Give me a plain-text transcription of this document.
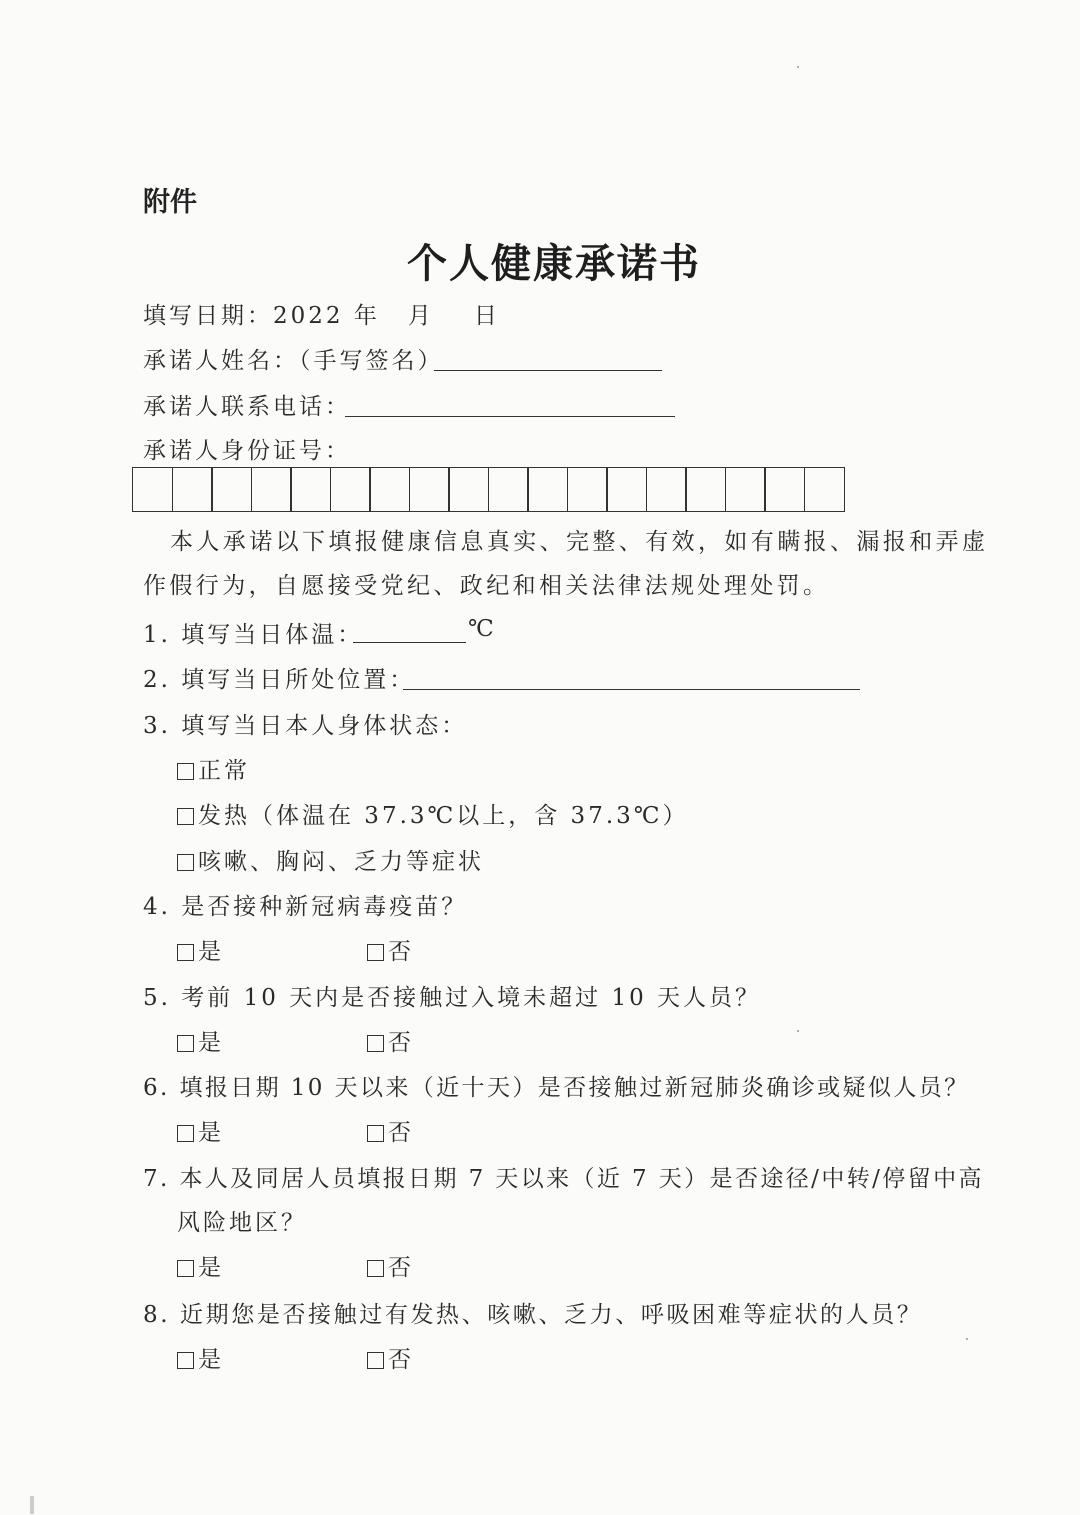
附件
个人健康承诺书
填写日期：2022 年 月 日
承诺人姓名：（手写签名）
承诺人联系电话：
承诺人身份证号：
本人承诺以下填报健康信息真实、完整、有效，如有瞒报、漏报和弄虚
作假行为，自愿接受党纪、政纪和相关法律法规处理处罚。
1. 填写当日体温：	℃
2. 填写当日所处位置：
3. 填写当日本人身体状态：
正常
发热（体温在 37.3℃以上，含 37.3℃）
咳嗽、胸闷、乏力等症状
4. 是否接种新冠病毒疫苗？
是	否
5. 考前 10 天内是否接触过入境未超过 10 天人员？
是	否
6. 填报日期 10 天以来（近十天）是否接触过新冠肺炎确诊或疑似人员？
是	否
7. 本人及同居人员填报日期 7 天以来（近 7 天）是否途径/中转/停留中高
风险地区？
是	否
8. 近期您是否接触过有发热、咳嗽、乏力、呼吸困难等症状的人员？
是	否
